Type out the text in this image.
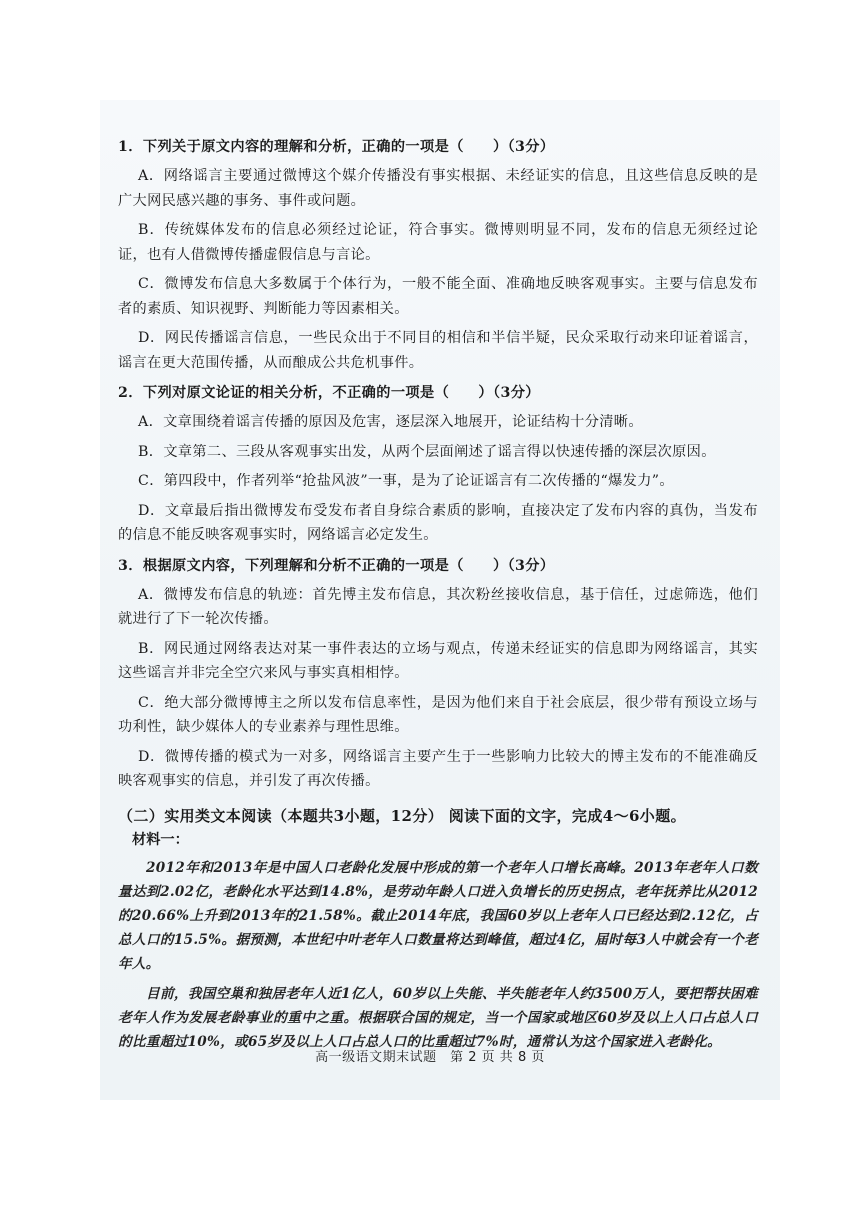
1．下列关于原文内容的理解和分析，正确的一项是（　　）（3分）

A．网络谣言主要通过微博这个媒介传播没有事实根据、未经证实的信息，且这些信息反映的是广大网民感兴趣的事务、事件或问题。

B．传统媒体发布的信息必须经过论证，符合事实。微博则明显不同，发布的信息无须经过论证，也有人借微博传播虚假信息与言论。

C．微博发布信息大多数属于个体行为，一般不能全面、准确地反映客观事实。主要与信息发布者的素质、知识视野、判断能力等因素相关。

D．网民传播谣言信息，一些民众出于不同目的相信和半信半疑，民众采取行动来印证着谣言，谣言在更大范围传播，从而酿成公共危机事件。

2．下列对原文论证的相关分析，不正确的一项是（　　）（3分）

A．文章围绕着谣言传播的原因及危害，逐层深入地展开，论证结构十分清晰。

B．文章第二、三段从客观事实出发，从两个层面阐述了谣言得以快速传播的深层次原因。

C．第四段中，作者列举“抢盐风波”一事，是为了论证谣言有二次传播的“爆发力”。

D．文章最后指出微博发布受发布者自身综合素质的影响，直接决定了发布内容的真伪，当发布的信息不能反映客观事实时，网络谣言必定发生。

3．根据原文内容，下列理解和分析不正确的一项是（　　）（3分）

A．微博发布信息的轨迹：首先博主发布信息，其次粉丝接收信息，基于信任，过虑筛选，他们就进行了下一轮次传播。

B．网民通过网络表达对某一事件表达的立场与观点，传递未经证实的信息即为网络谣言，其实这些谣言并非完全空穴来风与事实真相相悖。

C．绝大部分微博博主之所以发布信息率性，是因为他们来自于社会底层，很少带有预设立场与功利性，缺少媒体人的专业素养与理性思维。

D．微博传播的模式为一对多，网络谣言主要产生于一些影响力比较大的博主发布的不能准确反映客观事实的信息，并引发了再次传播。

（二）实用类文本阅读（本题共3小题，12分） 阅读下面的文字，完成4～6小题。

材料一：

2012年和2013年是中国人口老龄化发展中形成的第一个老年人口增长高峰。2013年老年人口数量达到2.02亿，老龄化水平达到14.8%，是劳动年龄人口进入负增长的历史拐点，老年抚养比从2012的20.66%上升到2013年的21.58%。截止2014年底，我国60岁以上老年人口已经达到2.12亿，占总人口的15.5%。据预测，本世纪中叶老年人口数量将达到峰值，超过4亿，届时每3人中就会有一个老年人。

目前，我国空巢和独居老年人近1亿人，60岁以上失能、半失能老年人约3500万人，要把帮扶困难老年人作为发展老龄事业的重中之重。根据联合国的规定，当一个国家或地区60岁及以上人口占总人口的比重超过10%，或65岁及以上人口占总人口的比重超过7%时，通常认为这个国家进入老龄化。

高一级语文期末试题　第 2 页 共 8 页
